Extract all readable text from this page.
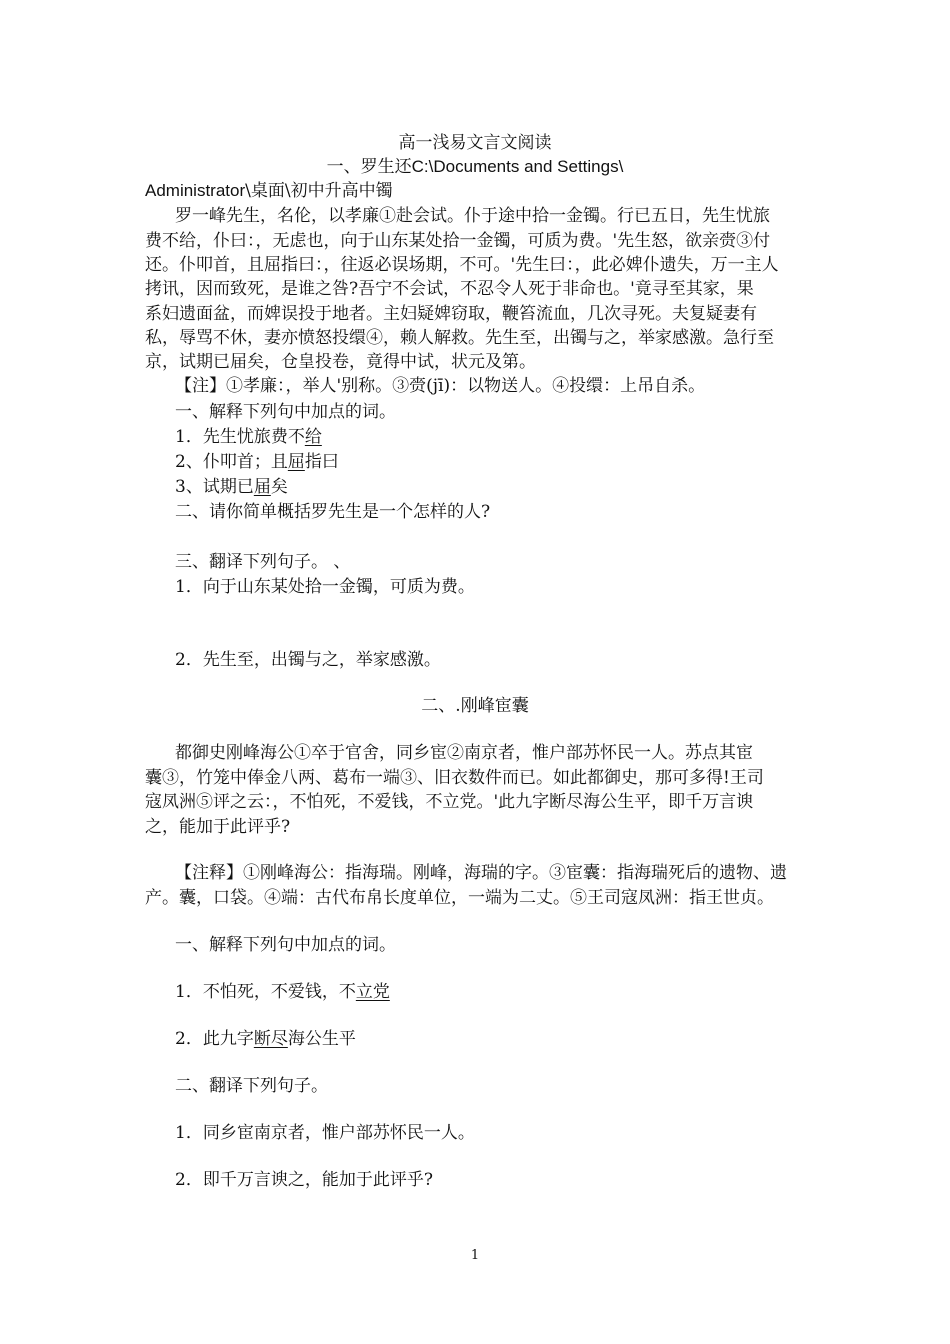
高一浅易文言文阅读
一、罗生还C:\Documents and Settings\
Administrator\桌面\初中升高中镯
罗一峰先生，名伦，以孝廉①赴会试。仆于途中拾一金镯。行已五日，先生忧旅
费不给，仆曰：，无虑也，向于山东某处拾一金镯，可质为费。'先生怒，欲亲赍③付
还。仆叩首，且屈指曰：，往返必误场期，不可。'先生曰：，此必婢仆遗失，万一主人
拷讯，因而致死，是谁之咎?吾宁不会试，不忍令人死于非命也。'竟寻至其家，果
系妇遗面盆，而婢误投于地者。主妇疑婢窃取，鞭笞流血，几次寻死。夫复疑妻有
私，辱骂不休，妻亦愤怒投缳④，赖人解救。先生至，出镯与之，举家感激。急行至
京，试期已届矣，仓皇投卷，竟得中试，状元及第。
【注】①孝廉：，举人'别称。③赍(jī)：以物送人。④投缳：上吊自杀。
一、解释下列句中加点的词。
1．先生忧旅费不给
2、仆叩首；且屈指曰
3、试期已届矣
二、请你简单概括罗先生是一个怎样的人?
三、翻译下列句子。 、
1．向于山东某处拾一金镯，可质为费。
2．先生至，出镯与之，举家感激。
二、.刚峰宦囊
都御史刚峰海公①卒于官舍，同乡宦②南京者，惟户部苏怀民一人。苏点其宦
囊③，竹笼中俸金八两、葛布一端③、旧衣数件而已。如此都御史，那可多得!王司
寇凤洲⑤评之云：，不怕死，不爱钱，不立党。'此九字断尽海公生平，即千万言谀
之，能加于此评乎?
【注释】①刚峰海公：指海瑞。刚峰，海瑞的字。③宦囊：指海瑞死后的遗物、遗
产。囊，口袋。④端：古代布帛长度单位，一端为二丈。⑤王司寇凤洲：指王世贞。
一、解释下列句中加点的词。
1．不怕死，不爱钱，不立党
2．此九字断尽海公生平
二、翻译下列句子。
1．同乡宦南京者，惟户部苏怀民一人。
2．即千万言谀之，能加于此评乎?
1
